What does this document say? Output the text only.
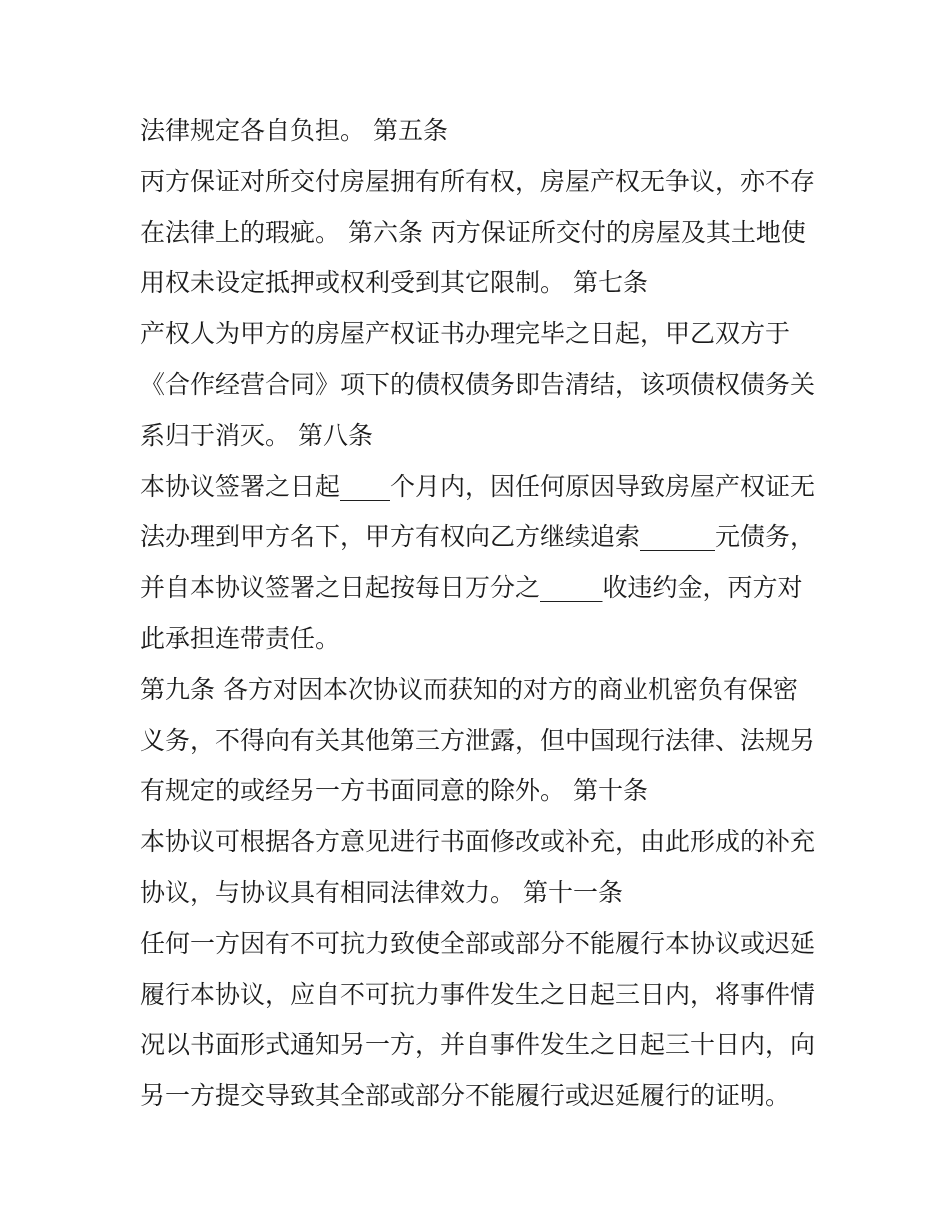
法律规定各自负担。 第五条
丙方保证对所交付房屋拥有所有权，房屋产权无争议，亦不存
在法律上的瑕疵。 第六条 丙方保证所交付的房屋及其土地使
用权未设定抵押或权利受到其它限制。 第七条
产权人为甲方的房屋产权证书办理完毕之日起，甲乙双方于
《合作经营合同》项下的债权债务即告清结，该项债权债务关
系归于消灭。 第八条
本协议签署之日起____个月内，因任何原因导致房屋产权证无
法办理到甲方名下，甲方有权向乙方继续追索______元债务，
并自本协议签署之日起按每日万分之_____收违约金，丙方对
此承担连带责任。
第九条 各方对因本次协议而获知的对方的商业机密负有保密
义务，不得向有关其他第三方泄露，但中国现行法律、法规另
有规定的或经另一方书面同意的除外。 第十条
本协议可根据各方意见进行书面修改或补充，由此形成的补充
协议，与协议具有相同法律效力。 第十一条
任何一方因有不可抗力致使全部或部分不能履行本协议或迟延
履行本协议，应自不可抗力事件发生之日起三日内，将事件情
况以书面形式通知另一方，并自事件发生之日起三十日内，向
另一方提交导致其全部或部分不能履行或迟延履行的证明。
